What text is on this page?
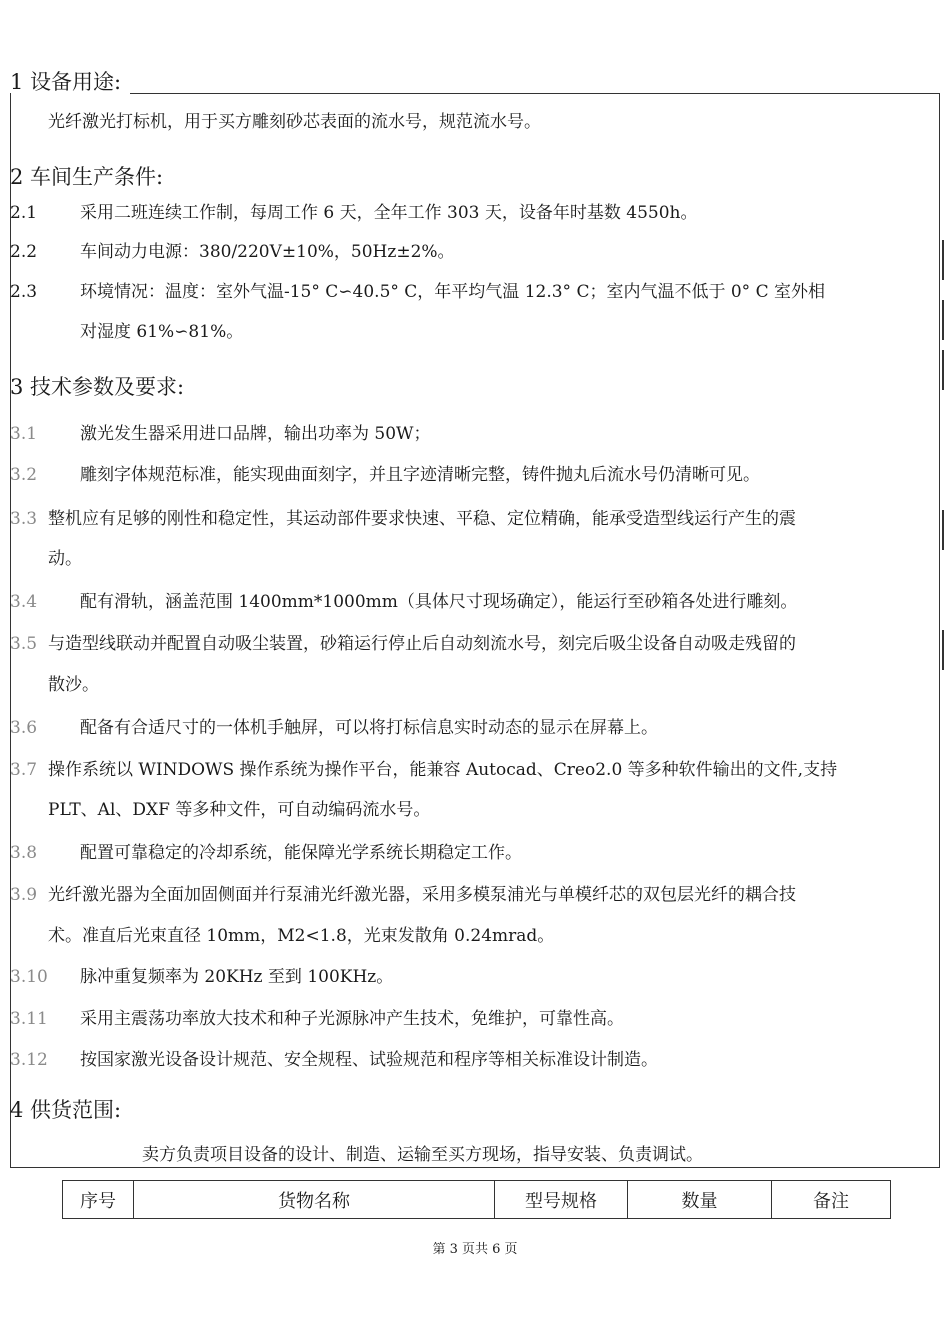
1 设备用途:
光纤激光打标机，用于买方雕刻砂芯表面的流水号，规范流水号。
2 车间生产条件:
2.1	采用二班连续工作制，每周工作 6 天，全年工作 303 天，设备年时基数 4550h。
2.2	车间动力电源：380/220V±10%，50Hz±2%。
2.3	环境情况：温度：室外气温-15° C∽40.5° C，年平均气温 12.3° C；室内气温不低于 0° C 室外相
对湿度 61%∽81%。
3 技术参数及要求:
3.1	激光发生器采用进口品牌，输出功率为 50W；
3.2	雕刻字体规范标准，能实现曲面刻字，并且字迹清晰完整，铸件抛丸后流水号仍清晰可见。
3.3 整机应有足够的刚性和稳定性，其运动部件要求快速、平稳、定位精确，能承受造型线运行产生的震
动。
3.4	配有滑轨，涵盖范围 1400mm*1000mm（具体尺寸现场确定），能运行至砂箱各处进行雕刻。
3.5 与造型线联动并配置自动吸尘装置，砂箱运行停止后自动刻流水号，刻完后吸尘设备自动吸走残留的
散沙。
3.6	配备有合适尺寸的一体机手触屏，可以将打标信息实时动态的显示在屏幕上。
3.7 操作系统以 WINDOWS 操作系统为操作平台，能兼容 Autocad、Creo2.0 等多种软件输出的文件,支持
PLT、Al、DXF 等多种文件，可自动编码流水号。
3.8	配置可靠稳定的冷却系统，能保障光学系统长期稳定工作。
3.9 光纤激光器为全面加固侧面并行泵浦光纤激光器，采用多模泵浦光与单模纤芯的双包层光纤的耦合技
术。准直后光束直径 10mm，M2<1.8，光束发散角 0.24mrad。
3.10 脉冲重复频率为 20KHz 至到 100KHz。
3.11 采用主震荡功率放大技术和种子光源脉冲产生技术，免维护，可靠性高。
3.12 按国家激光设备设计规范、安全规程、试验规范和程序等相关标准设计制造。
4 供货范围:
卖方负责项目设备的设计、制造、运输至买方现场，指导安装、负责调试。
序号	货物名称	型号规格	数量	备注
第 3 页共 6 页
